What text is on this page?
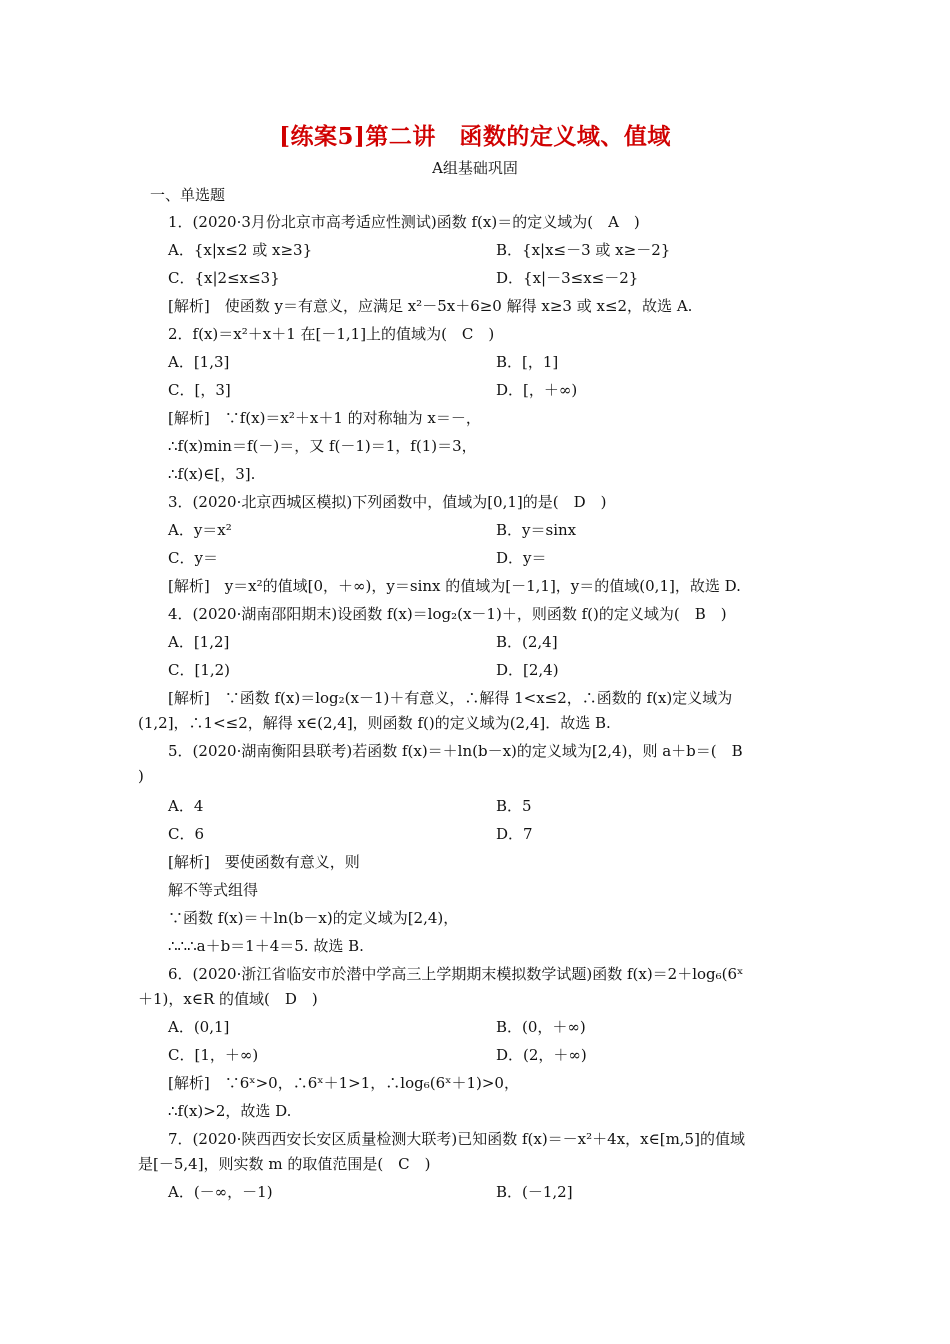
[练案5]第二讲　函数的定义域、值域
A组基础巩固
一、单选题
1．(2020·3月份北京市高考适应性测试)函数 f(x)＝的定义域为(　A　)
A．{x|x≤2 或 x≥3}	B．{x|x≤－3 或 x≥－2}
C．{x|2≤x≤3}	D．{x|－3≤x≤－2}
[解析]　使函数 y＝有意义，应满足 x²－5x＋6≥0 解得 x≥3 或 x≤2，故选 A.
2．f(x)＝x²＋x＋1 在[－1,1]上的值域为(　C　)
A．[1,3]	B．[，1]
C．[，3]	D．[，＋∞)
[解析]　∵f(x)＝x²＋x＋1 的对称轴为 x＝－，
∴f(x)min＝f(－)＝，又 f(－1)＝1，f(1)＝3，
∴f(x)∈[，3].
3．(2020·北京西城区模拟)下列函数中，值域为[0,1]的是(　D　)
A．y＝x²	B．y＝sinx
C．y＝	D．y＝
[解析]　y＝x²的值域[0，＋∞)，y＝sinx 的值域为[－1,1]，y＝的值域(0,1]，故选 D.
4．(2020·湖南邵阳期末)设函数 f(x)＝log₂(x－1)＋，则函数 f()的定义域为(　B　)
A．[1,2]	B．(2,4]
C．[1,2)	D．[2,4)
[解析]　∵函数 f(x)＝log₂(x－1)＋有意义，∴解得 1<x≤2，∴函数的 f(x)定义域为
(1,2]，∴1<≤2，解得 x∈(2,4]，则函数 f()的定义域为(2,4]．故选 B.
5．(2020·湖南衡阳县联考)若函数 f(x)＝＋ln(b－x)的定义域为[2,4)，则 a＋b＝(　B
)
A．4	B．5
C．6	D．7
[解析]　要使函数有意义，则
解不等式组得
∵函数 f(x)＝＋ln(b－x)的定义域为[2,4)，
∴∴∴a＋b＝1＋4＝5. 故选 B.
6．(2020·浙江省临安市於潜中学高三上学期期末模拟数学试题)函数 f(x)＝2＋log₆(6ˣ
＋1)，x∈R 的值域(　D　)
A．(0,1]	B．(0，＋∞)
C．[1，＋∞)	D．(2，＋∞)
[解析]　∵6ˣ>0，∴6ˣ＋1>1，∴log₆(6ˣ＋1)>0，
∴f(x)>2，故选 D.
7．(2020·陕西西安长安区质量检测大联考)已知函数 f(x)＝－x²＋4x，x∈[m,5]的值域
是[－5,4]，则实数 m 的取值范围是(　C　)
A．(－∞，－1)	B．(－1,2]
